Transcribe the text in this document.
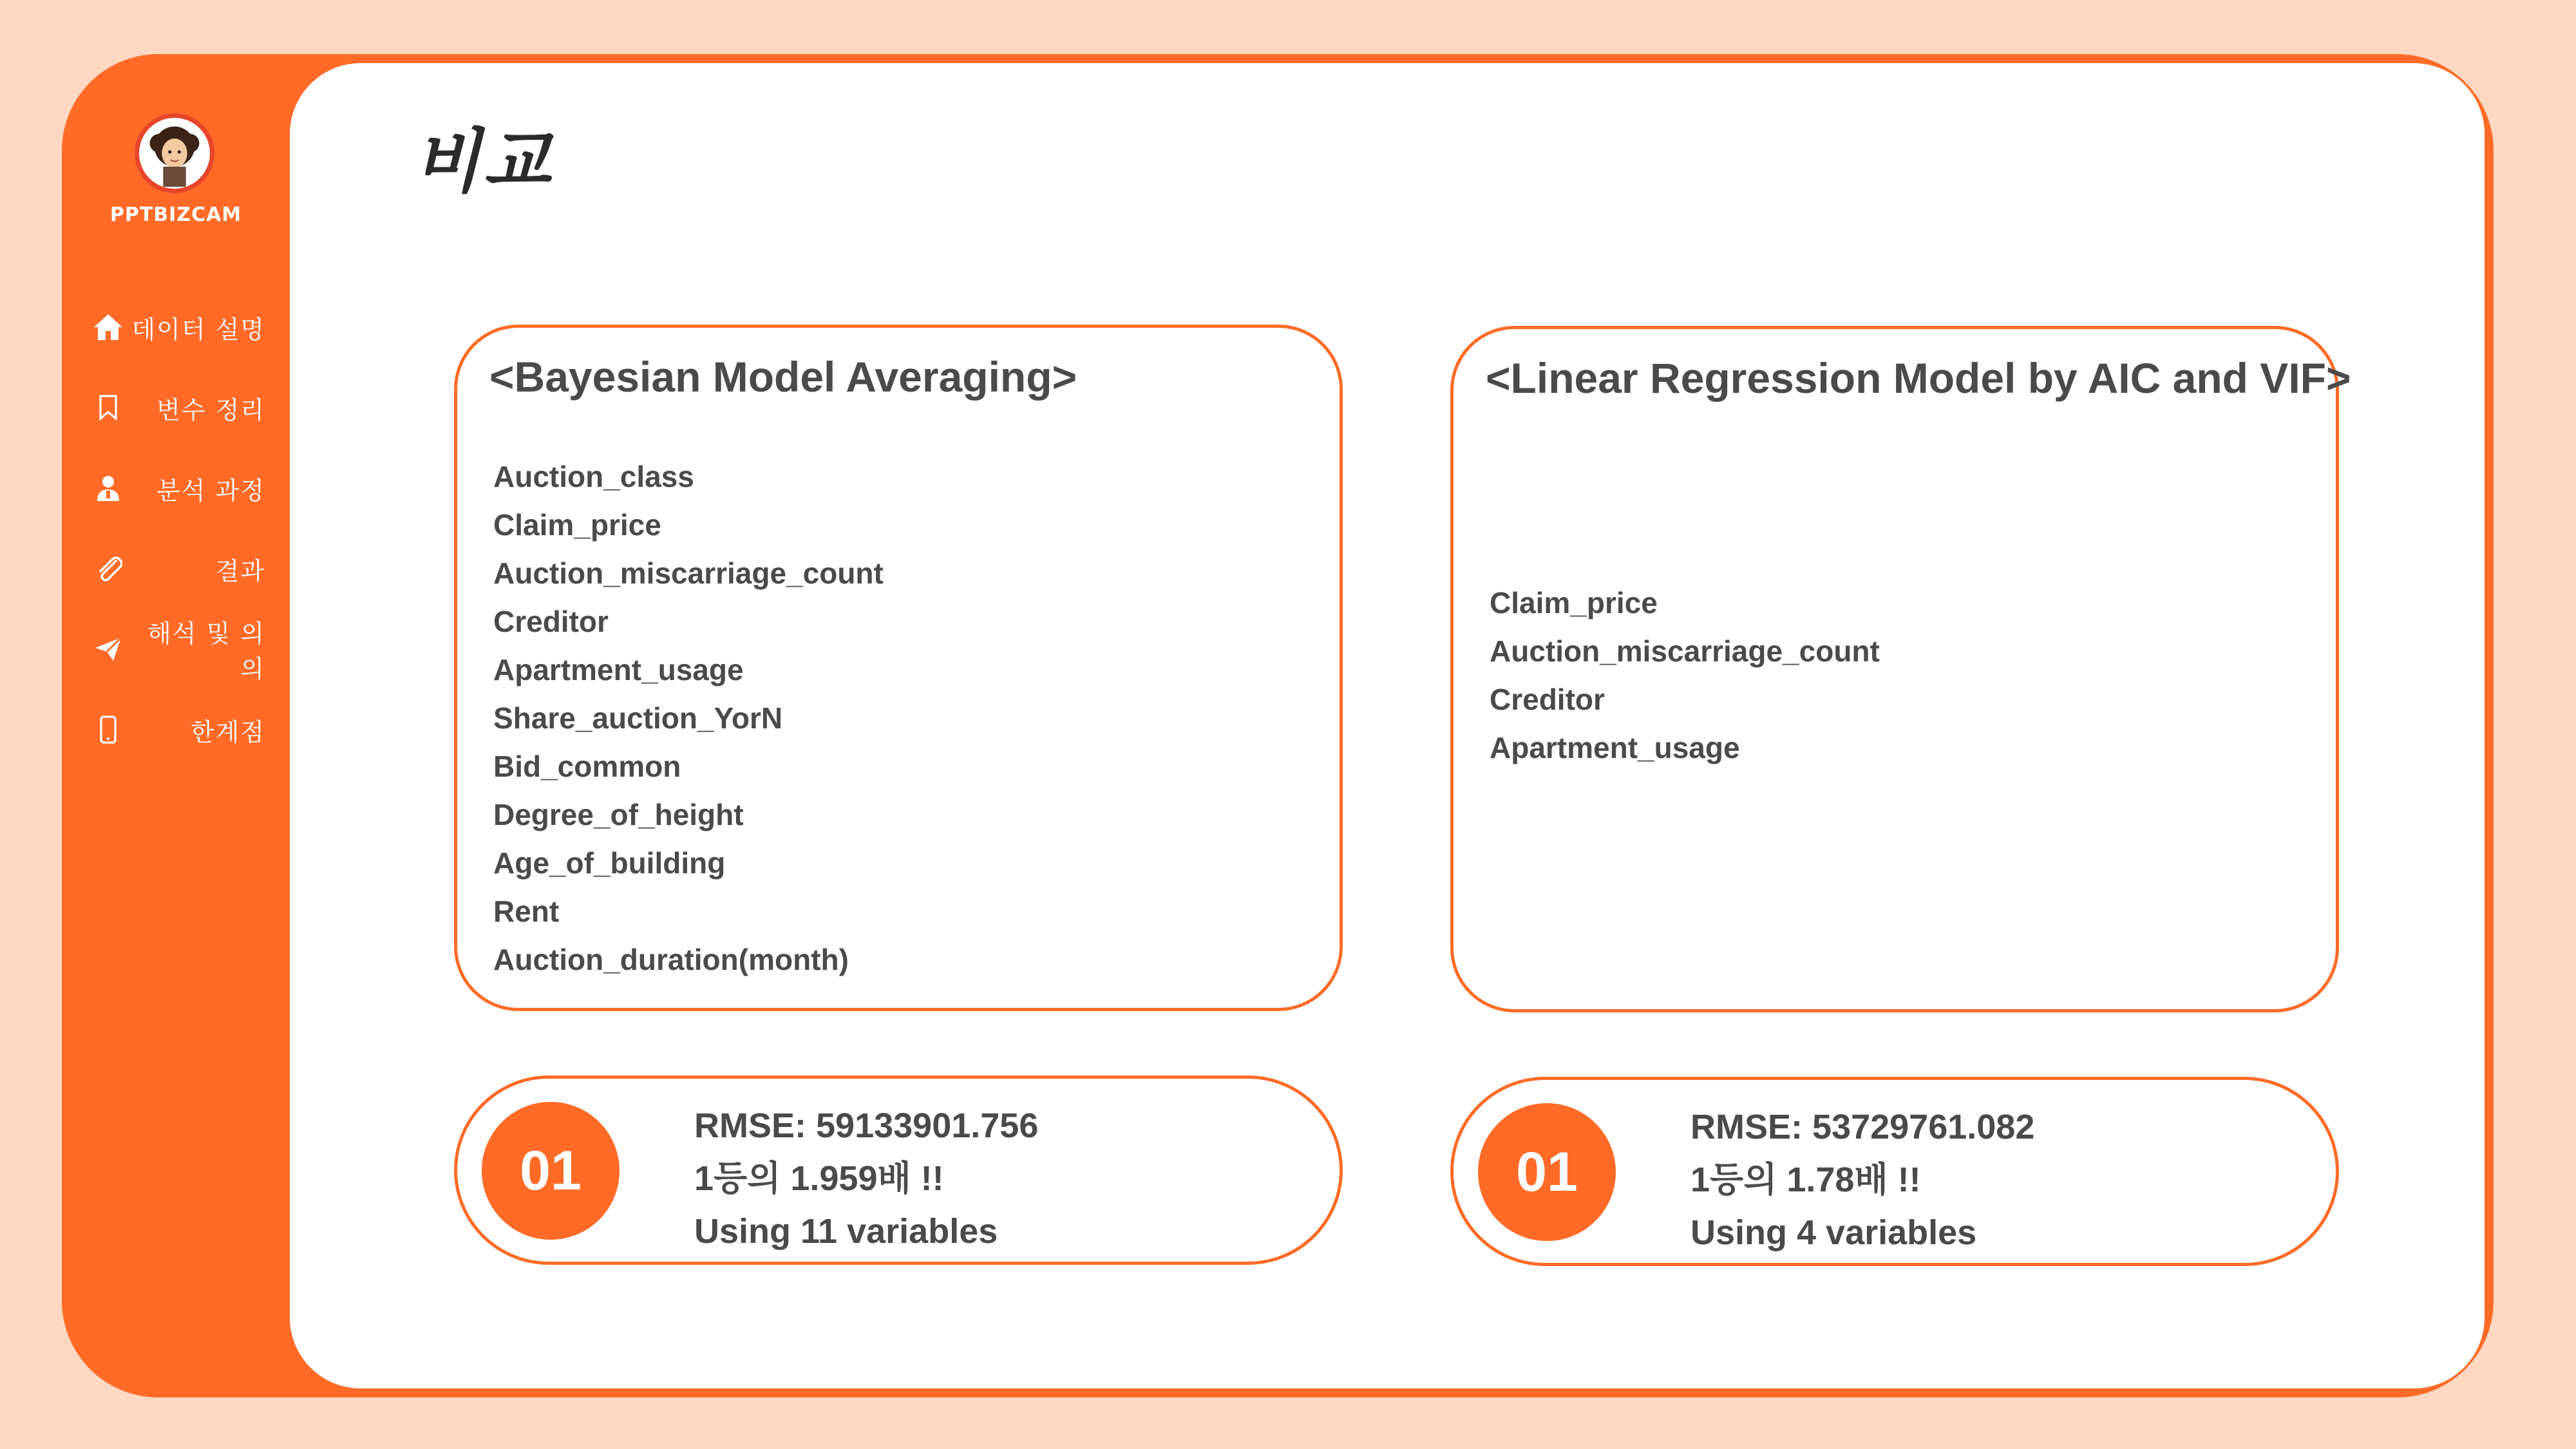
PPTBIZCAM
데이터 설명
변수 정리
분석 과정
결과
해석 및 의의
한계점
비교
<Bayesian Model Averaging>
Auction_class
Claim_price
Auction_miscarriage_count
Creditor
Apartment_usage
Share_auction_YorN
Bid_common
Degree_of_height
Age_of_building
Rent
Auction_duration(month)
<Linear Regression Model by AIC and VIF>
Claim_price
Auction_miscarriage_count
Creditor
Apartment_usage
01
RMSE: 59133901.756
1등의 1.959배 !!
Using 11 variables
01
RMSE: 53729761.082
1등의 1.78배 !!
Using 4 variables
